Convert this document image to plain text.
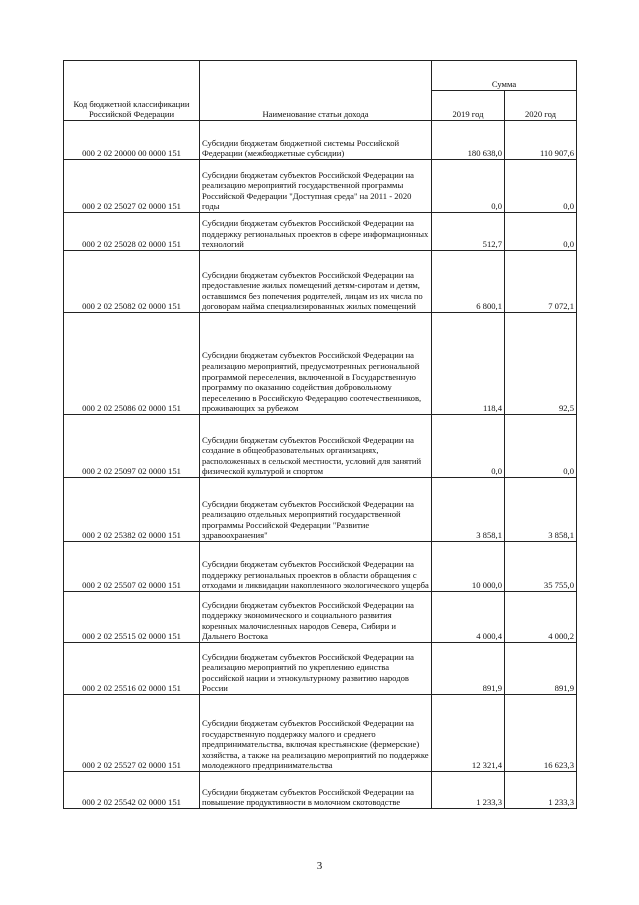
Код бюджетной классификации Российской Федерации	Наименование статьи дохода	Сумма	
		2019 год	2020 год
000 2 02 20000 00 0000 151	Субсидии бюджетам бюджетной системы Российской Федерации (межбюджетные субсидии)	180 638,0	110 907,6
000 2 02 25027 02 0000 151	Субсидии бюджетам субъектов Российской Федерации на реализацию мероприятий государственной программы Российской Федерации "Доступная среда" на 2011 - 2020 годы	0,0	0,0
000 2 02 25028 02 0000 151	Субсидии бюджетам субъектов Российской Федерации на поддержку региональных проектов в сфере информационных технологий	512,7	0,0
000 2 02 25082 02 0000 151	Субсидии бюджетам субъектов Российской Федерации на предоставление жилых помещений детям-сиротам и детям, оставшимся без попечения родителей, лицам из их числа по договорам найма специализированных жилых помещений	6 800,1	7 072,1
000 2 02 25086 02 0000 151	Субсидии бюджетам субъектов Российской Федерации на реализацию мероприятий, предусмотренных региональной программой переселения, включенной в Государственную программу по оказанию содействия добровольному переселению в Российскую Федерацию соотечественников, проживающих за рубежом	118,4	92,5
000 2 02 25097 02 0000 151	Субсидии бюджетам субъектов Российской Федерации на создание в общеобразовательных организациях, расположенных в сельской местности, условий для занятий физической культурой и спортом	0,0	0,0
000 2 02 25382 02 0000 151	Субсидии бюджетам субъектов Российской Федерации на реализацию отдельных мероприятий государственной программы Российской Федерации "Развитие здравоохранения"	3 858,1	3 858,1
000 2 02 25507 02 0000 151	Субсидии бюджетам субъектов Российской Федерации на поддержку региональных проектов в области обращения с отходами и ликвидации накопленного экологического ущерба	10 000,0	35 755,0
000 2 02 25515 02 0000 151	Субсидии бюджетам субъектов Российской Федерации на поддержку экономического и социального развития коренных малочисленных народов Севера, Сибири и Дальнего Востока	4 000,4	4 000,2
000 2 02 25516 02 0000 151	Субсидии бюджетам субъектов Российской Федерации на реализацию мероприятий по укреплению единства российской нации и этнокультурному развитию народов России	891,9	891,9
000 2 02 25527 02 0000 151	Субсидии бюджетам субъектов Российской Федерации на государственную поддержку малого и среднего предпринимательства, включая крестьянские (фермерские) хозяйства, а также на реализацию мероприятий по поддержке молодежного предпринимательства	12 321,4	16 623,3
000 2 02 25542 02 0000 151	Субсидии бюджетам субъектов Российской Федерации на повышение продуктивности в молочном скотоводстве	1 233,3	1 233,3
3
